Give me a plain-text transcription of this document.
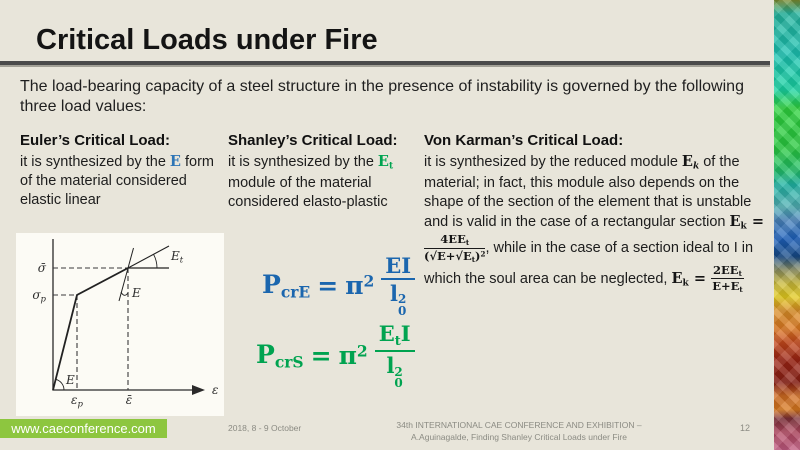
Critical Loads under Fire
The load-bearing capacity of a steel structure in the presence of instability is governed by the following three load values:
Euler’s Critical Load:
it is synthesized by the E form of the material considered elastic linear
Shanley’s Critical Load:
it is synthesized by the Et module of the material considered elasto-plastic
Von Karman’s Critical Load:
it is synthesized by the reduced module Ek of the material; in fact, this module also depends on the shape of the section of the element that is unstable and is valid in the case of a rectangular section Ek =
$\frac{\text{4EEt}}{(√E+√Et)^2}$ , while in the case of a section ideal to I in which the soul area can be neglected, $Ek = \frac{\text{2EEt}}{E+Et}$
σ̄
$\sigma_p$
$\varepsilon_p$	ε̄
ε
E
E
$E_t$
PcrE = $\pi^2$ EI
l 2
0
PcrS = $\pi^2$ EtI
l 2
0
www.caeconference.com	2018, 8 - 9 October	34th INTERNATIONAL CAE CONFERENCE AND EXHIBITION –
A.Aguinagalde, Finding Shanley Critical Loads under Fire
12
